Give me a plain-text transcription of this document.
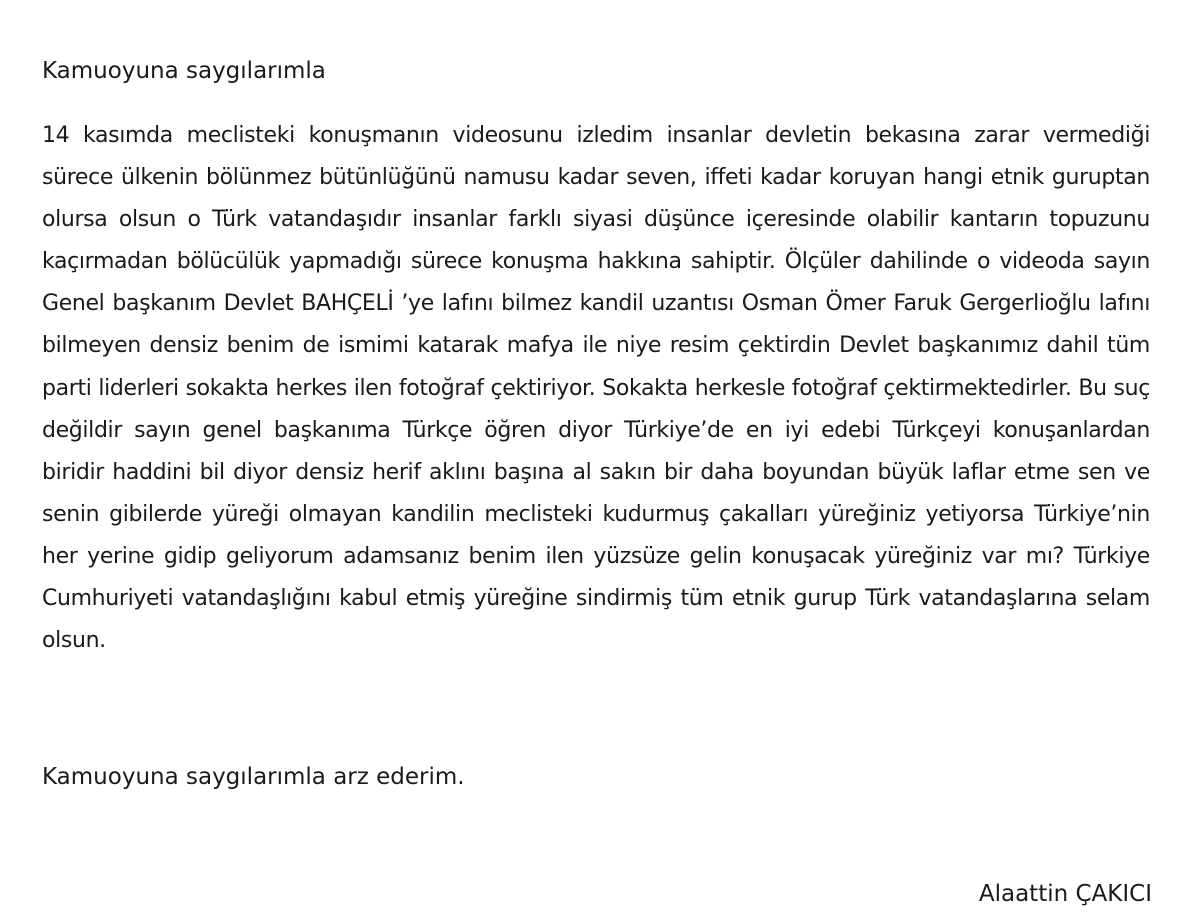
Kamuoyuna saygılarımla

14 kasımda meclisteki konuşmanın videosunu izledim insanlar devletin bekasına zarar vermediği sürece ülkenin bölünmez bütünlüğünü namusu kadar seven, iffeti kadar koruyan hangi etnik guruptan olursa olsun o Türk vatandaşıdır insanlar farklı siyasi düşünce içeresinde olabilir kantarın topuzunu kaçırmadan bölücülük yapmadığı sürece konuşma hakkına sahiptir. Ölçüler dahilinde o videoda sayın Genel başkanım Devlet BAHÇELİ ’ye lafını bilmez kandil uzantısı Osman Ömer Faruk Gergerlioğlu lafını bilmeyen densiz benim de ismimi katarak mafya ile niye resim çektirdin Devlet başkanımız dahil tüm parti liderleri sokakta herkes ilen fotoğraf çektiriyor. Sokakta herkesle fotoğraf çektirmektedirler. Bu suç değildir sayın genel başkanıma Türkçe öğren diyor Türkiye’de en iyi edebi Türkçeyi konuşanlardan biridir haddini bil diyor densiz herif aklını başına al sakın bir daha boyundan büyük laflar etme sen ve senin gibilerde yüreği olmayan kandilin meclisteki kudurmuş çakalları yüreğiniz yetiyorsa Türkiye’nin her yerine gidip geliyorum adamsanız benim ilen yüzsüze gelin konuşacak yüreğiniz var mı? Türkiye Cumhuriyeti vatandaşlığını kabul etmiş yüreğine sindirmiş tüm etnik gurup Türk vatandaşlarına selam olsun.

Kamuoyuna saygılarımla arz ederim.
Alaattin ÇAKICI
